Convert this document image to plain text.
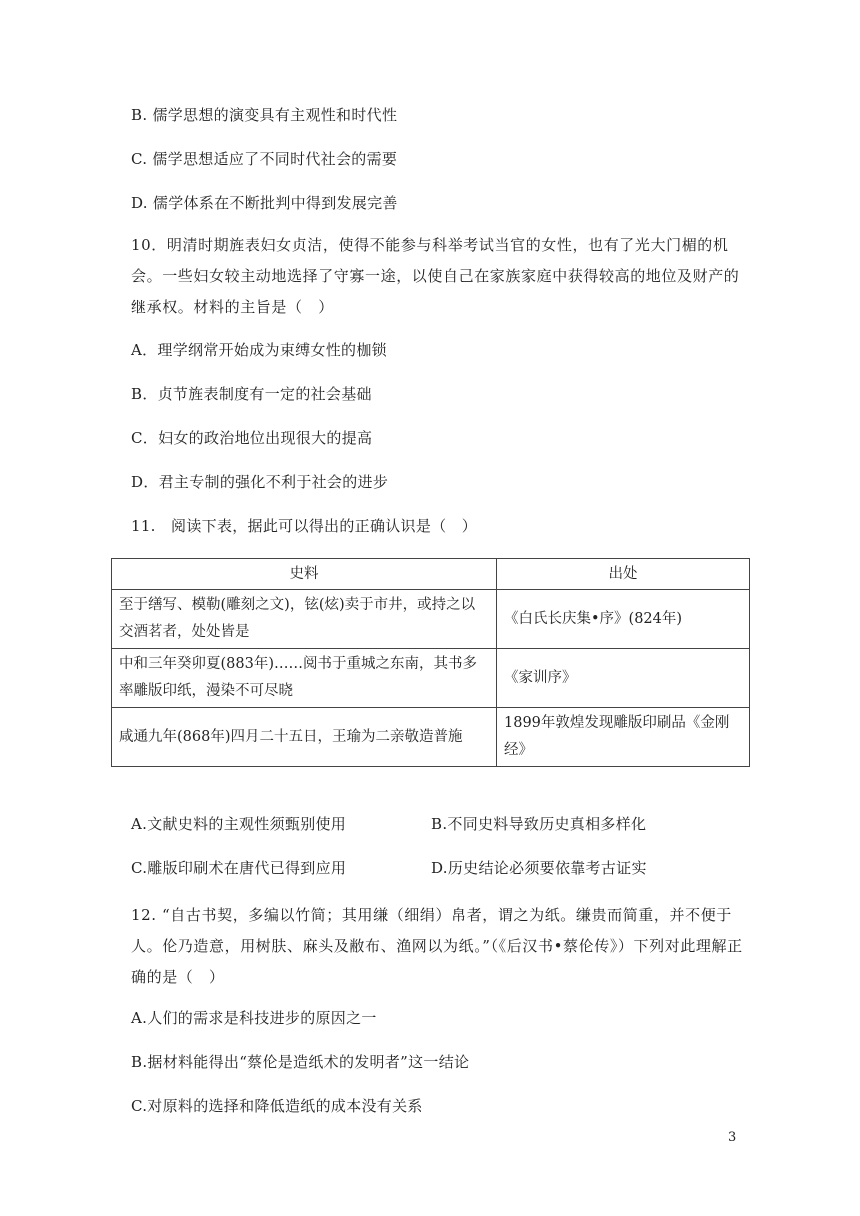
B. 儒学思想的演变具有主观性和时代性
C. 儒学思想适应了不同时代社会的需要
D. 儒学体系在不断批判中得到发展完善
10．明清时期旌表妇女贞洁，使得不能参与科举考试当官的女性，也有了光大门楣的机会。一些妇女较主动地选择了守寡一途，以使自己在家族家庭中获得较高的地位及财产的继承权。材料的主旨是（　）
A．理学纲常开始成为束缚女性的枷锁
B．贞节旌表制度有一定的社会基础
C．妇女的政治地位出现很大的提高
D．君主专制的强化不利于社会的进步
11.　阅读下表，据此可以得出的正确认识是（　）
史料	出处
至于缮写、模勒(雕刻之文)，铉(炫)卖于市井，或持之以交酒茗者，处处皆是	《白氏长庆集•序》(824年)
中和三年癸卯夏(883年)……阅书于重城之东南，其书多率雕版印纸，漫染不可尽晓	《家训序》
咸通九年(868年)四月二十五日，王瑜为二亲敬造普施	1899年敦煌发现雕版印刷品《金刚经》
A.文献史料的主观性须甄别使用	B.不同史料导致历史真相多样化
C.雕版印刷术在唐代已得到应用	D.历史结论必须要依靠考古证实
12. “自古书契，多编以竹简；其用缣（细绢）帛者，谓之为纸。缣贵而简重，并不便于人。伦乃造意，用树肤、麻头及敝布、渔网以为纸。”（《后汉书•蔡伦传》）下列对此理解正确的是（　）
A.人们的需求是科技进步的原因之一
B.据材料能得出“蔡伦是造纸术的发明者”这一结论
C.对原料的选择和降低造纸的成本没有关系
3
